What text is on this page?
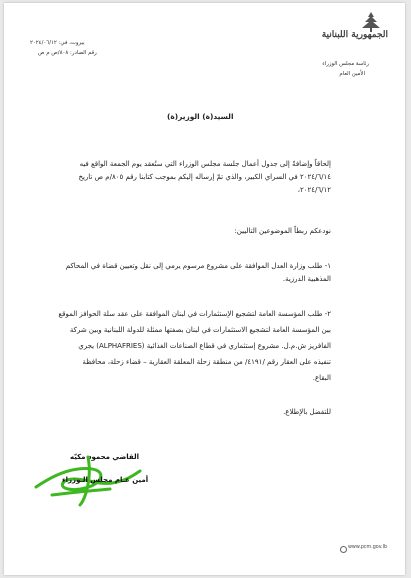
الجمهورية اللبنانية
رئاسة مجلس الوزراء
الأمين العام
بيروت، في: ٢٠٢٤/٠٦/١٢
رقم الصادر: ٨٠٨/ص م ص
السيد(ة) الوزير(ة)
إلحاقاً وإضافةً إلى جدول أعمال جلسة مجلس الوزراء التي ستُعقد يوم الجمعة الواقع فيه
٢٠٢٤/٦/١٤ في السراي الكبير، والذي تمّ إرساله إليكم بموجب كتابنا رقم ٨٠٥/م ص تاريخ
٢٠٢٤/٦/١٢،
نودعكم ربطاً الموضوعين التاليين:
١- طلب وزارة العدل الموافقة على مشروع مرسوم يرمي إلى نقل وتعيين قضاة في المحاكم
المذهبية الدرزية.
٢- طلب المؤسسة العامة لتشجيع الإستثمارات في لبنان الموافقة على عقد سلة الحوافز الموقع
بين المؤسسة العامة لتشجيع الاستثمارات في لبنان بصفتها ممثلة للدولة اللبنانية وبين شركة
الفافريز ش.م.ل. مشروع إستثماري في قطاع الصناعات الغذائية (ALPHAFRIES) يجري
تنفيذه على العقار رقم /٤١٩١/ من منطقة زحلة المعلقة العقارية – قضاء زحلة، محافظة
البقاع.
للتفضل بالإطلاع.
القاضي محمود مكيّه
أمين عـام مجلس الـوزراء
www.pcm.gov.lb
